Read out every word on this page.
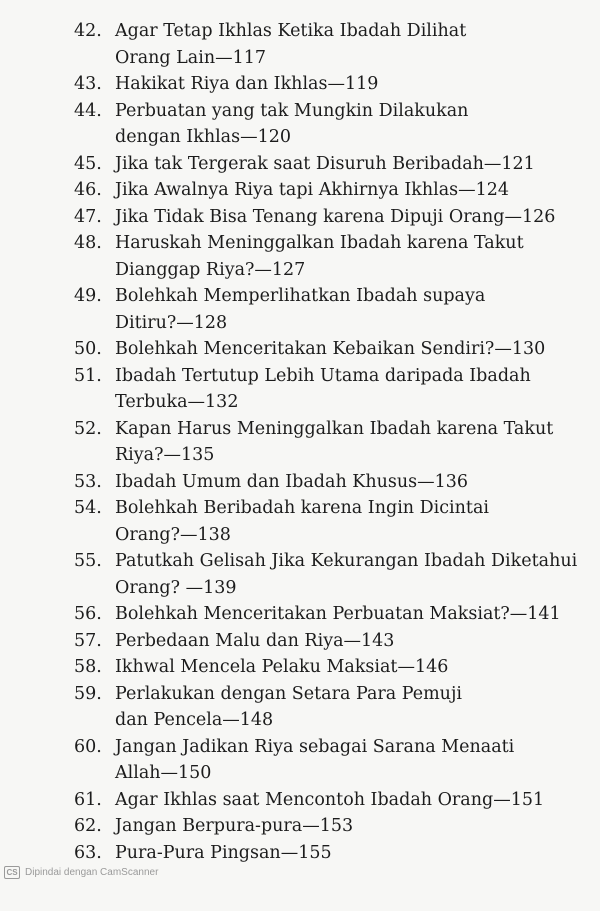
42. Agar Tetap Ikhlas Ketika Ibadah Dilihat
Orang Lain—117
43. Hakikat Riya dan Ikhlas—119
44. Perbuatan yang tak Mungkin Dilakukan
dengan Ikhlas—120
45. Jika tak Tergerak saat Disuruh Beribadah—121
46. Jika Awalnya Riya tapi Akhirnya Ikhlas—124
47. Jika Tidak Bisa Tenang karena Dipuji Orang—126
48. Haruskah Meninggalkan Ibadah karena Takut
Dianggap Riya?—127
49. Bolehkah Memperlihatkan Ibadah supaya
Ditiru?—128
50. Bolehkah Menceritakan Kebaikan Sendiri?—130
51. Ibadah Tertutup Lebih Utama daripada Ibadah
Terbuka—132
52. Kapan Harus Meninggalkan Ibadah karena Takut
Riya?—135
53. Ibadah Umum dan Ibadah Khusus—136
54. Bolehkah Beribadah karena Ingin Dicintai
Orang?—138
55. Patutkah Gelisah Jika Kekurangan Ibadah Diketahui
Orang? —139
56. Bolehkah Menceritakan Perbuatan Maksiat?—141
57. Perbedaan Malu dan Riya—143
58. Ikhwal Mencela Pelaku Maksiat—146
59. Perlakukan dengan Setara Para Pemuji
dan Pencela—148
60. Jangan Jadikan Riya sebagai Sarana Menaati
Allah—150
61. Agar Ikhlas saat Mencontoh Ibadah Orang—151
62. Jangan Berpura-pura—153
63. Pura-Pura Pingsan—155
CS Dipindai dengan CamScanner
